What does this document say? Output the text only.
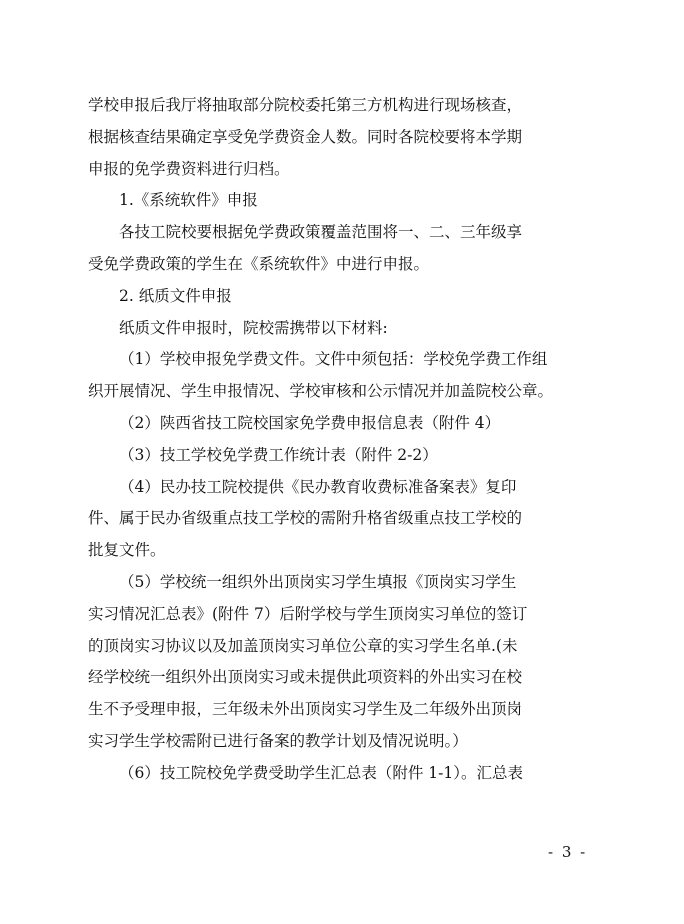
学校申报后我厅将抽取部分院校委托第三方机构进行现场核查，
根据核查结果确定享受免学费资金人数。同时各院校要将本学期
申报的免学费资料进行归档。
1.《系统软件》申报
各技工院校要根据免学费政策覆盖范围将一、二、三年级享
受免学费政策的学生在《系统软件》中进行申报。
2. 纸质文件申报
纸质文件申报时，院校需携带以下材料:
（1）学校申报免学费文件。文件中须包括：学校免学费工作组
织开展情况、学生申报情况、学校审核和公示情况并加盖院校公章。
（2）陕西省技工院校国家免学费申报信息表（附件 4）
（3）技工学校免学费工作统计表（附件 2-2）
（4）民办技工院校提供《民办教育收费标准备案表》复印
件、属于民办省级重点技工学校的需附升格省级重点技工学校的
批复文件。
（5）学校统一组织外出顶岗实习学生填报《顶岗实习学生
实习情况汇总表》(附件 7）后附学校与学生顶岗实习单位的签订
的顶岗实习协议以及加盖顶岗实习单位公章的实习学生名单.(未
经学校统一组织外出顶岗实习或未提供此项资料的外出实习在校
生不予受理申报，三年级未外出顶岗实习学生及二年级外出顶岗
实习学生学校需附已进行备案的教学计划及情况说明。）
（6）技工院校免学费受助学生汇总表（附件 1-1）。汇总表
- 3 -
